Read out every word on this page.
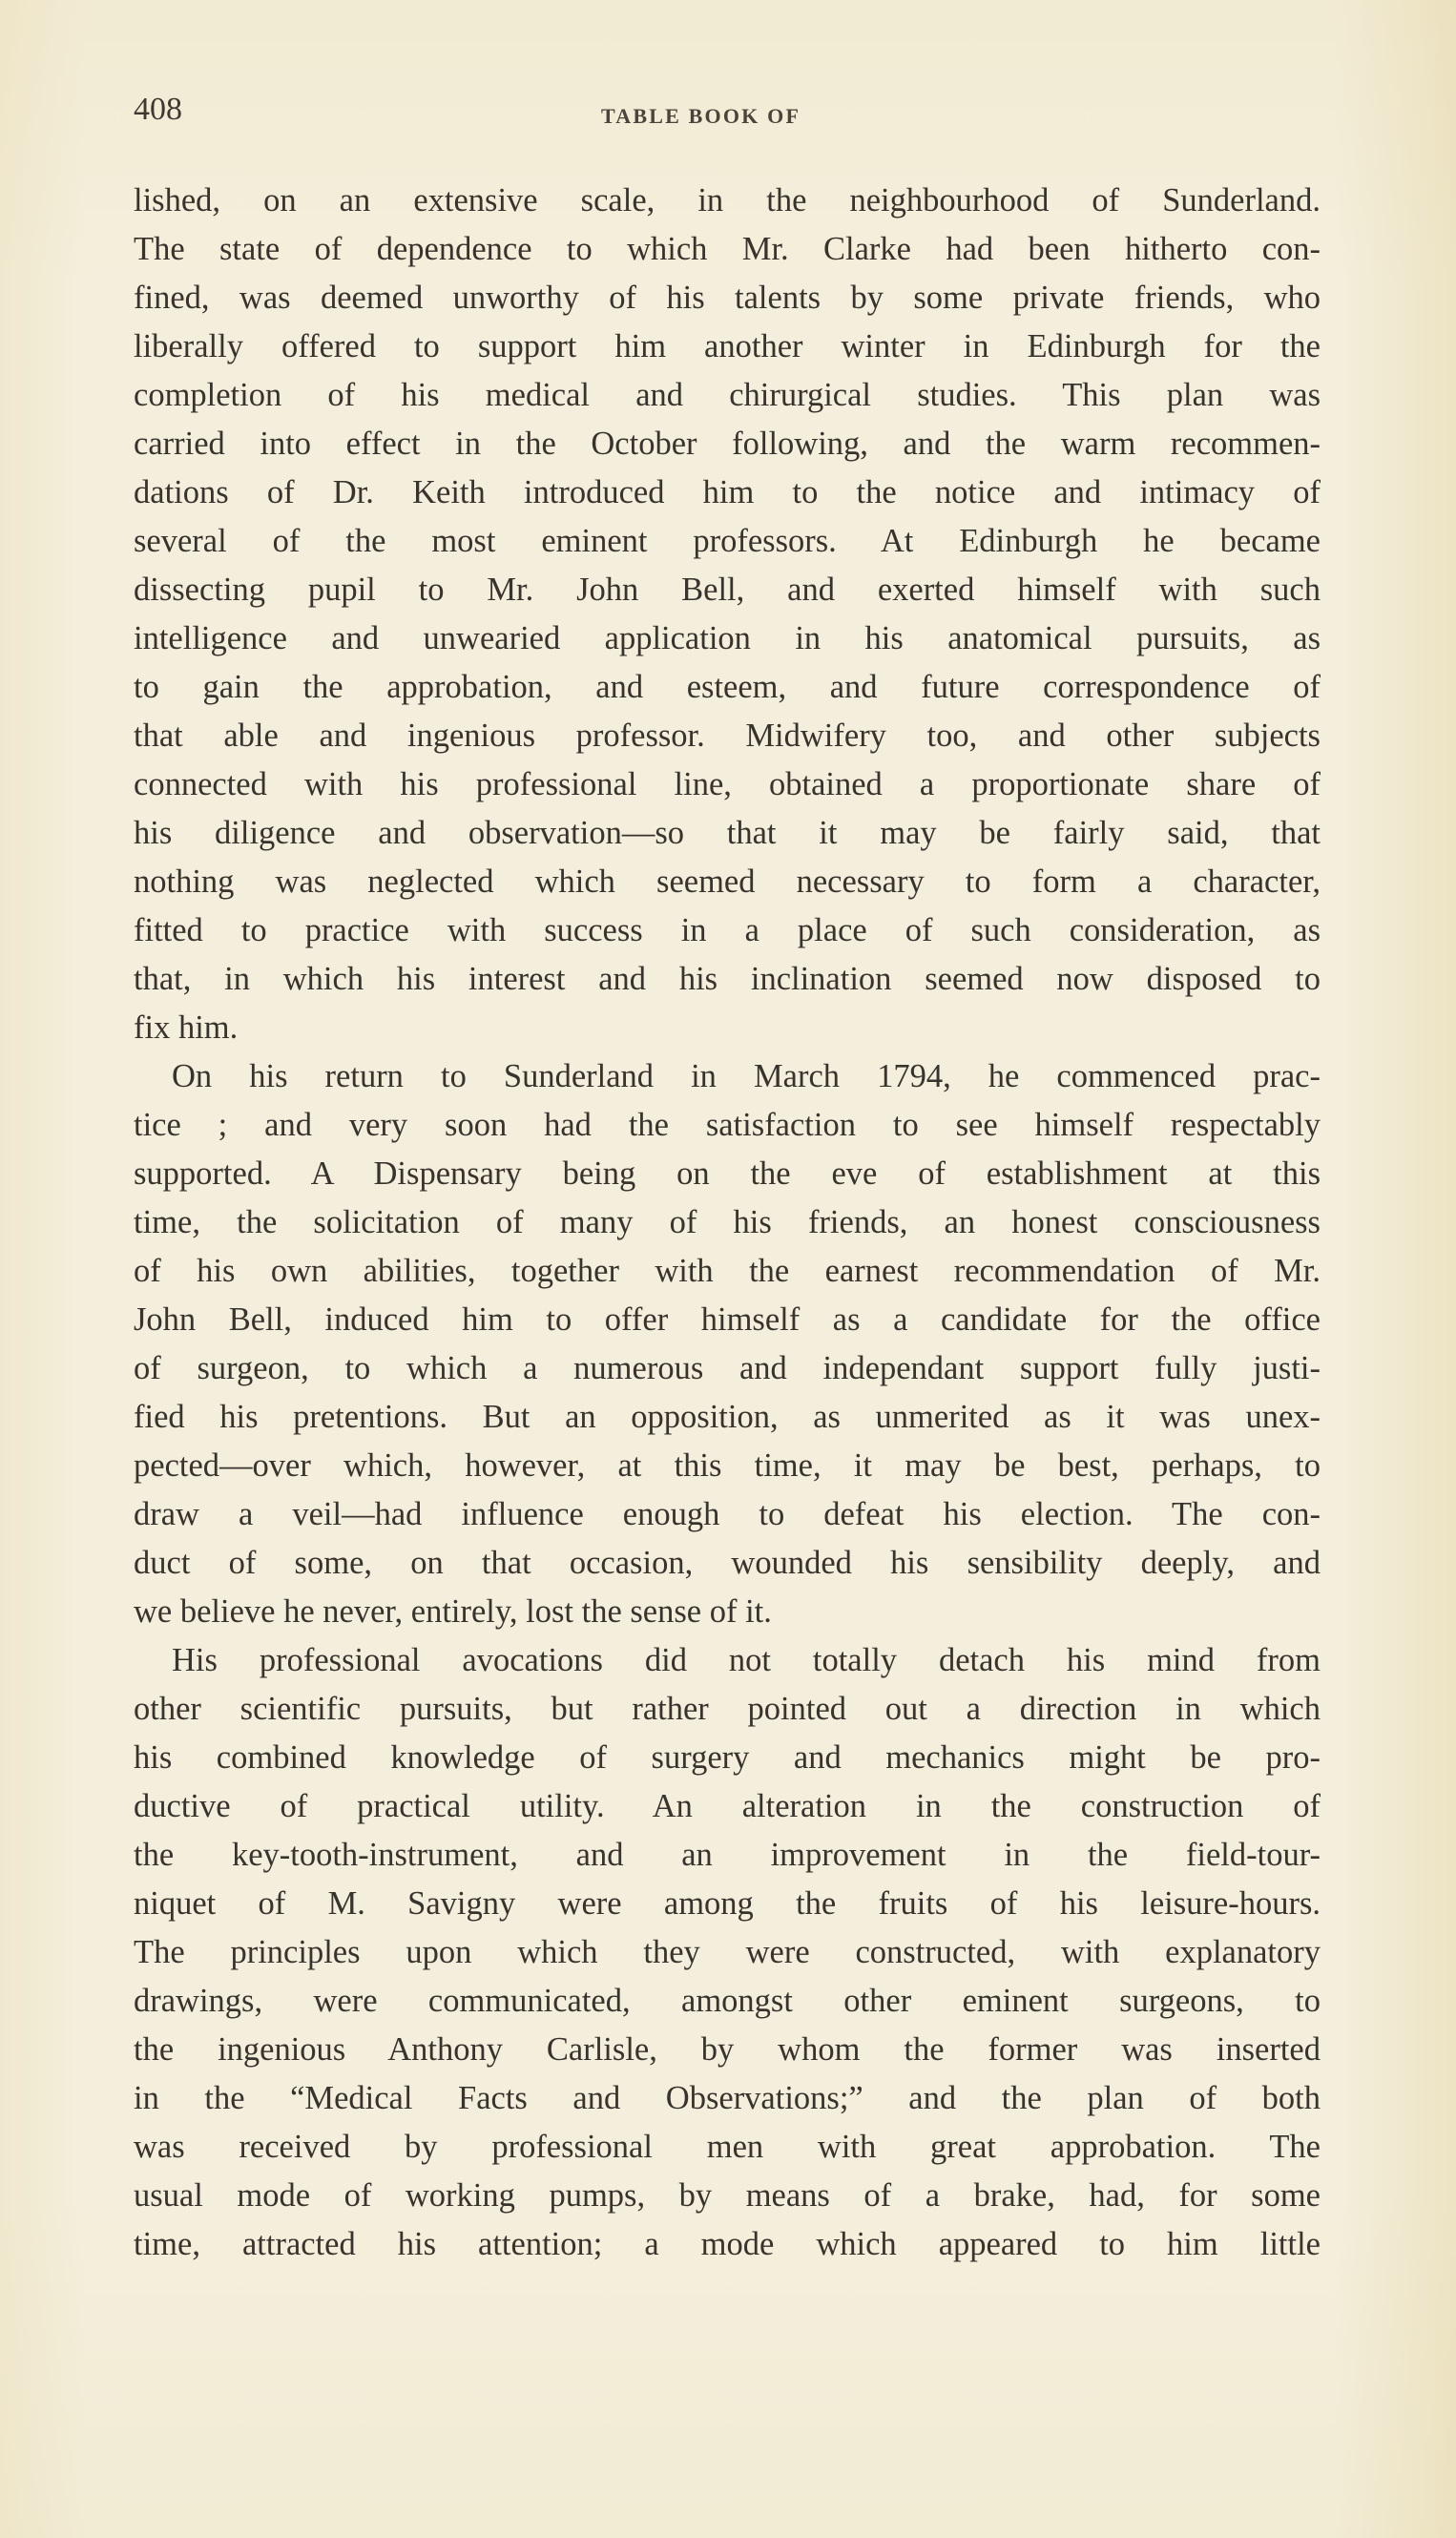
408	TABLE BOOK OF
lished, on an extensive scale, in the neighbourhood of Sunderland.
The state of dependence to which Mr. Clarke had been hitherto con-
fined, was deemed unworthy of his talents by some private friends, who
liberally offered to support him another winter in Edinburgh for the
completion of his medical and chirurgical studies. This plan was
carried into effect in the October following, and the warm recommen-
dations of Dr. Keith introduced him to the notice and intimacy of
several of the most eminent professors. At Edinburgh he became
dissecting pupil to Mr. John Bell, and exerted himself with such
intelligence and unwearied application in his anatomical pursuits, as
to gain the approbation, and esteem, and future correspondence of
that able and ingenious professor. Midwifery too, and other subjects
connected with his professional line, obtained a proportionate share of
his diligence and observation—so that it may be fairly said, that
nothing was neglected which seemed necessary to form a character,
fitted to practice with success in a place of such consideration, as
that, in which his interest and his inclination seemed now disposed to
fix him.
On his return to Sunderland in March 1794, he commenced prac-
tice ; and very soon had the satisfaction to see himself respectably
supported. A Dispensary being on the eve of establishment at this
time, the solicitation of many of his friends, an honest consciousness
of his own abilities, together with the earnest recommendation of Mr.
John Bell, induced him to offer himself as a candidate for the office
of surgeon, to which a numerous and independant support fully justi-
fied his pretentions. But an opposition, as unmerited as it was unex-
pected—over which, however, at this time, it may be best, perhaps, to
draw a veil—had influence enough to defeat his election. The con-
duct of some, on that occasion, wounded his sensibility deeply, and
we believe he never, entirely, lost the sense of it.
His professional avocations did not totally detach his mind from
other scientific pursuits, but rather pointed out a direction in which
his combined knowledge of surgery and mechanics might be pro-
ductive of practical utility. An alteration in the construction of
the key-tooth-instrument, and an improvement in the field-tour-
niquet of M. Savigny were among the fruits of his leisure-hours.
The principles upon which they were constructed, with explanatory
drawings, were communicated, amongst other eminent surgeons, to
the ingenious Anthony Carlisle, by whom the former was inserted
in the “Medical Facts and Observations;” and the plan of both
was received by professional men with great approbation. The
usual mode of working pumps, by means of a brake, had, for some
time, attracted his attention; a mode which appeared to him little
